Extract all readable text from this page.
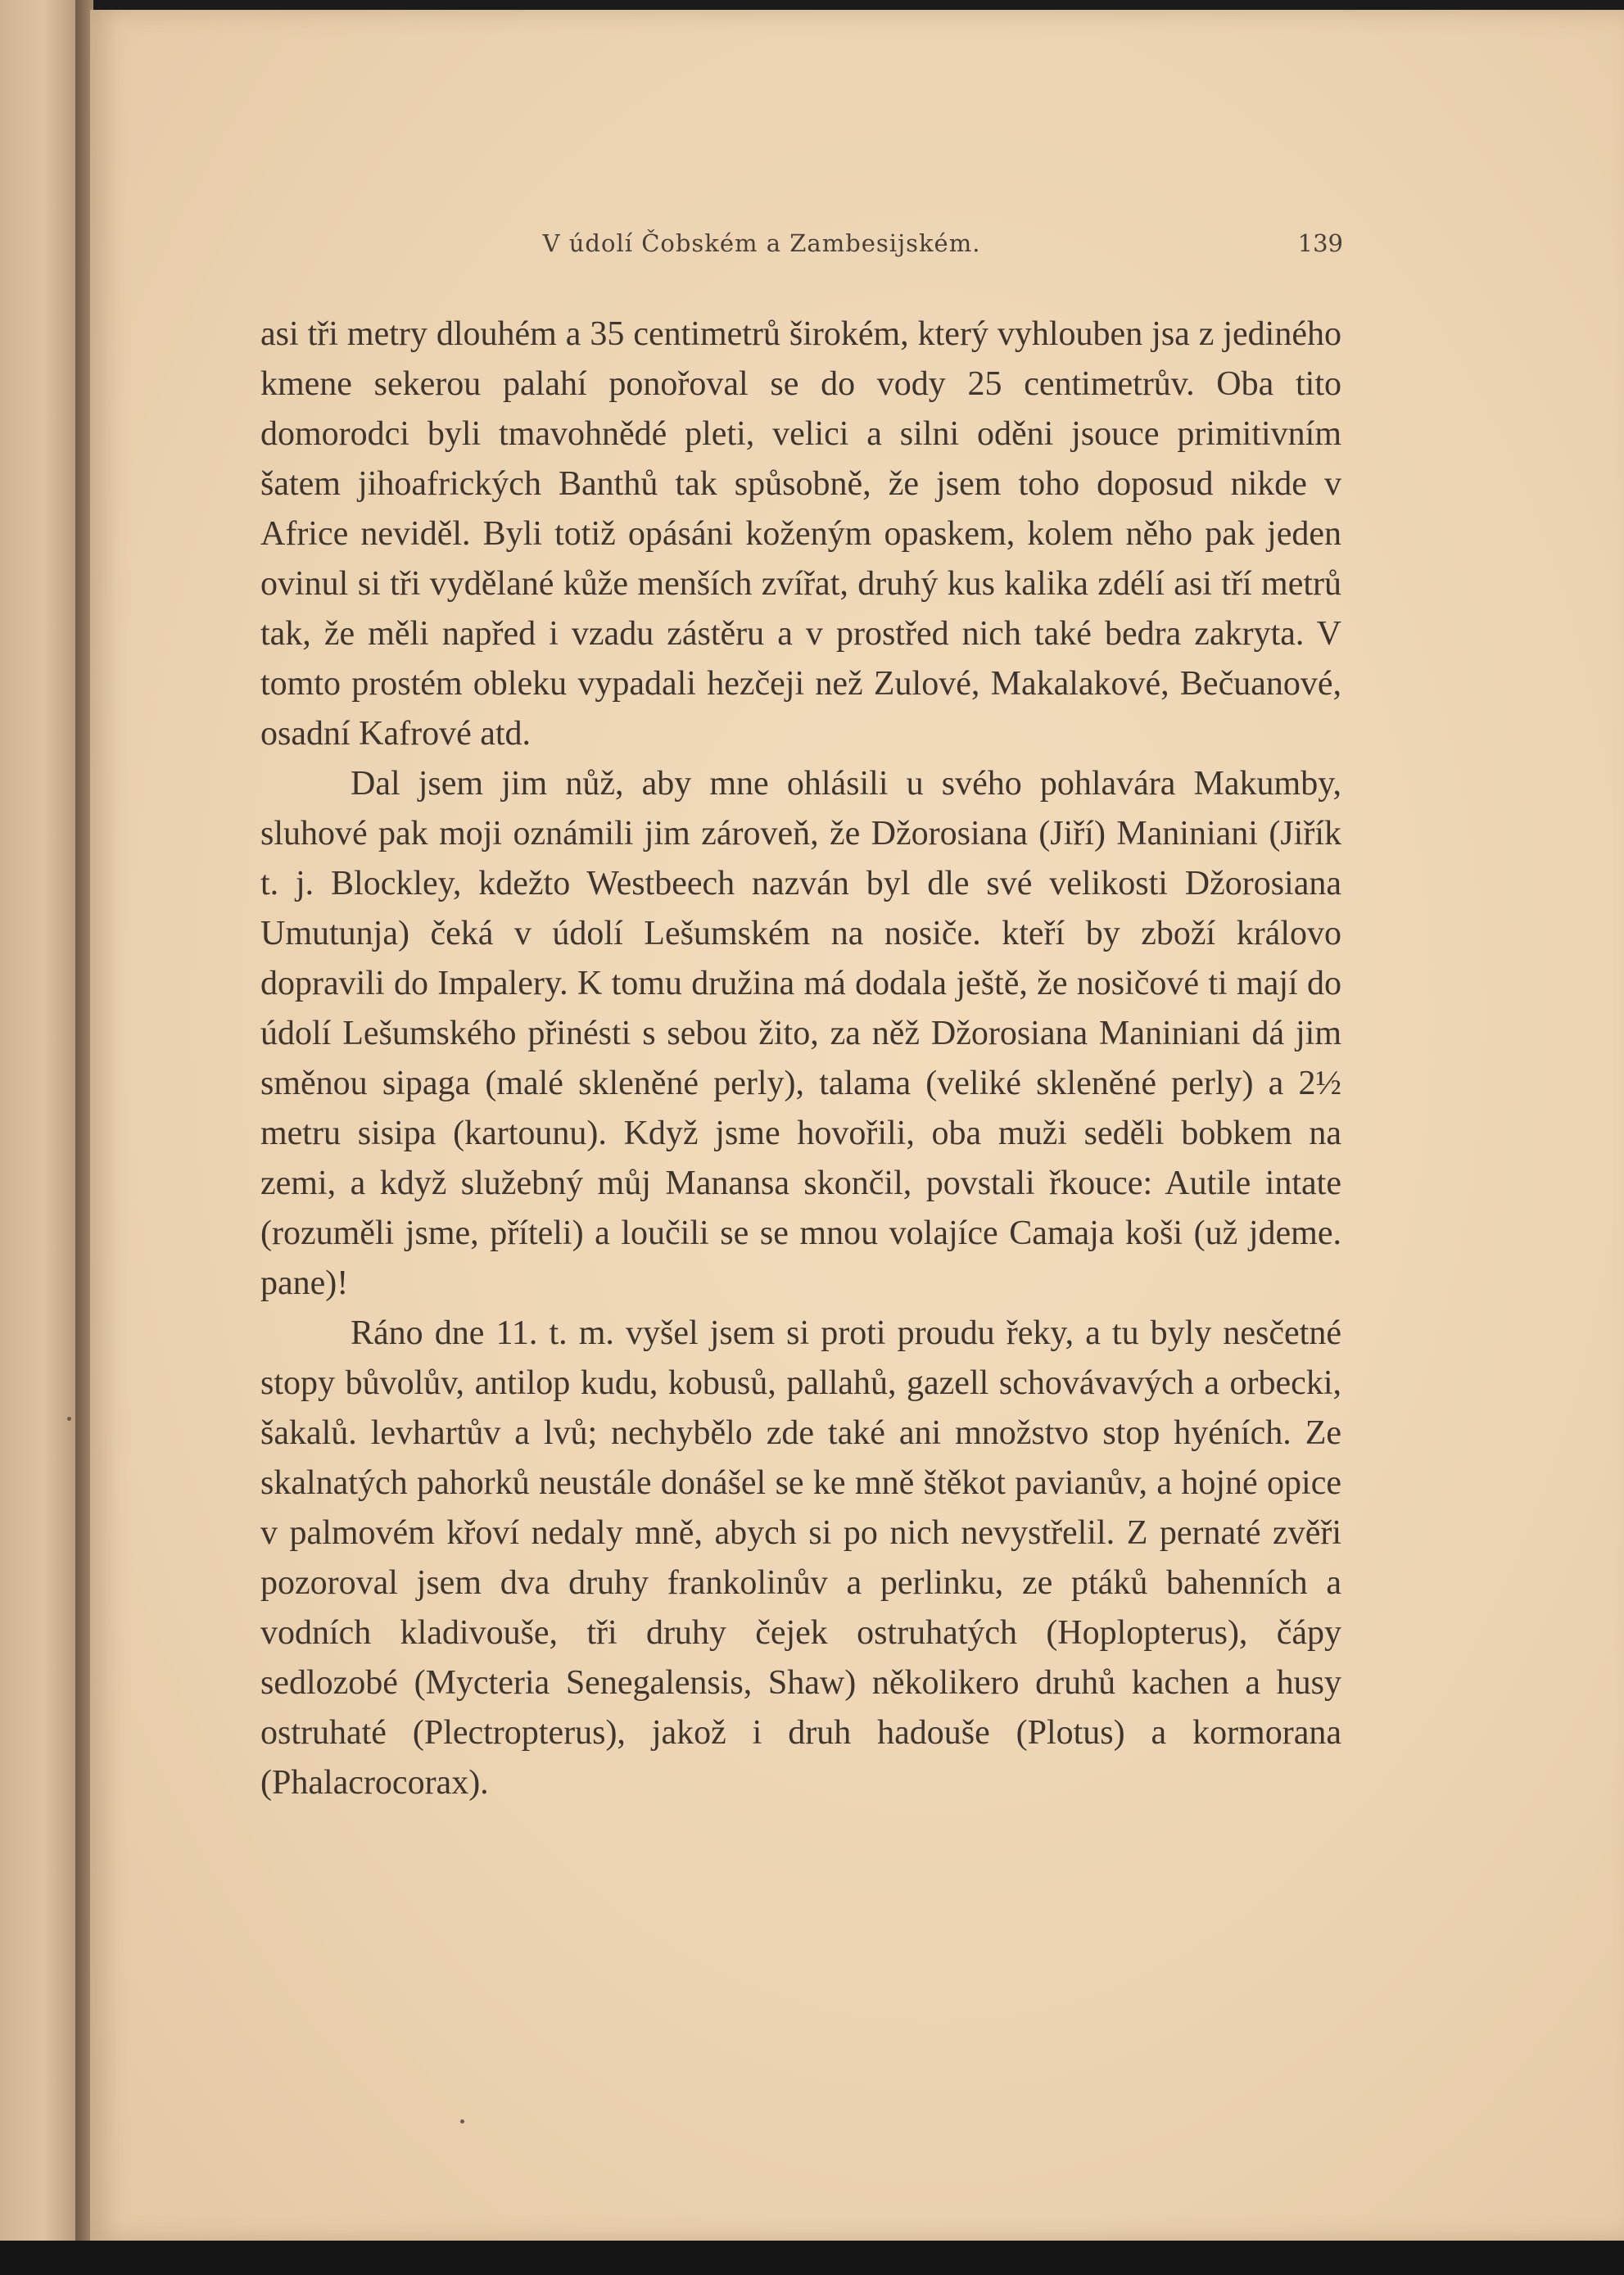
V údolí Čobském a Zambesijském.	139

asi tři metry dlouhém a 35 centimetrů širokém, který vyhlouben jsa z jediného kmene sekerou palahí ponořoval se do vody 25 centimetrův. Oba tito domorodci byli tmavohnědé pleti, velici a silni oděni jsouce primitivním šatem jihoafrických Banthů tak spůsobně, že jsem toho doposud nikde v Africe neviděl. Byli totiž opásáni koženým opaskem, kolem něho pak jeden ovinul si tři vydělané kůže menších zvířat, druhý kus kalika zdélí asi tří metrů tak, že měli napřed i vzadu zástěru a v prostřed nich také bedra zakryta. V tomto prostém obleku vypadali hezčeji než Zulové, Makalakové, Bečuanové, osadní Kafrové atd.

Dal jsem jim nůž, aby mne ohlásili u svého pohlavára Makumby, sluhové pak moji oznámili jim zároveň, že Džorosiana (Jiří) Maniniani (Jiřík t. j. Blockley, kdežto Westbeech nazván byl dle své velikosti Džorosiana Umutunja) čeká v údolí Lešumském na nosiče. kteří by zboží královo dopravili do Impalery. K tomu družina má dodala ještě, že nosičové ti mají do údolí Lešumského přinésti s sebou žito, za něž Džorosiana Maniniani dá jim směnou sipaga (malé skleněné perly), talama (veliké skleněné perly) a 2½ metru sisipa (kartounu). Když jsme hovořili, oba muži seděli bobkem na zemi, a když služebný můj Manansa skončil, povstali řkouce: Autile intate (rozuměli jsme, příteli) a loučili se se mnou volajíce Camaja koši (už jdeme. pane)!

Ráno dne 11. t. m. vyšel jsem si proti proudu řeky, a tu byly nesčetné stopy bůvolův, antilop kudu, kobusů, pallahů, gazell schovávavých a orbecki, šakalů. levhartův a lvů; nechybělo zde také ani množstvo stop hyéních. Ze skalnatých pahorků neustále donášel se ke mně štěkot pavianův, a hojné opice v palmovém křoví nedaly mně, abych si po nich nevystřelil. Z pernaté zvěři pozoroval jsem dva druhy frankolinův a perlinku, ze ptáků bahenních a vodních kladivouše, tři druhy čejek ostruhatých (Hoplopterus), čápy sedlozobé (Mycteria Senegalensis, Shaw) několikero druhů kachen a husy ostruhaté (Plectropterus), jakož i druh hadouše (Plotus) a kormorana (Phalacrocorax).
